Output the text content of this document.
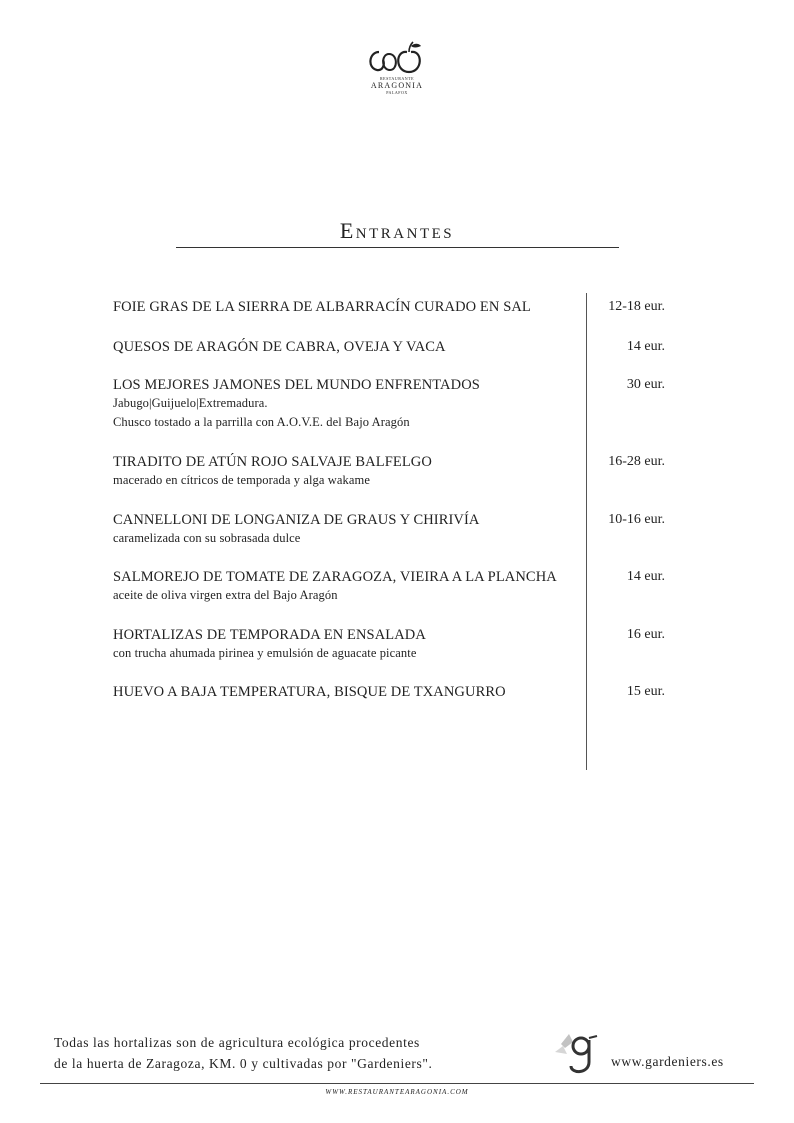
RESTAURANTE
ARAGONIA
PALAFOX
Entrantes
FOIE GRAS DE LA SIERRA DE ALBARRACÍN CURADO EN SAL	12-18 eur.
QUESOS DE ARAGÓN DE CABRA, OVEJA Y VACA	14 eur.
LOS MEJORES JAMONES DEL MUNDO ENFRENTADOS
Jabugo|Guijuelo|Extremadura.
Chusco tostado a la parrilla con A.O.V.E. del Bajo Aragón
30 eur.
TIRADITO DE ATÚN ROJO SALVAJE BALFELGO
macerado en cítricos de temporada y alga wakame
16-28 eur.
CANNELLONI DE LONGANIZA DE GRAUS Y CHIRIVÍA
caramelizada con su sobrasada dulce
10-16 eur.
SALMOREJO DE TOMATE DE ZARAGOZA, VIEIRA A LA PLANCHA
aceite de oliva virgen extra del Bajo Aragón
14 eur.
HORTALIZAS DE TEMPORADA EN ENSALADA
con trucha ahumada pirinea y emulsión de aguacate picante
16 eur.
HUEVO A BAJA TEMPERATURA, BISQUE DE TXANGURRO	15 eur.
Todas las hortalizas son de agricultura ecológica procedentes
de la huerta de Zaragoza, KM. 0 y cultivadas por "Gardeniers".	www.gardeniers.es
WWW.RESTAURANTEARAGONIA.COM
